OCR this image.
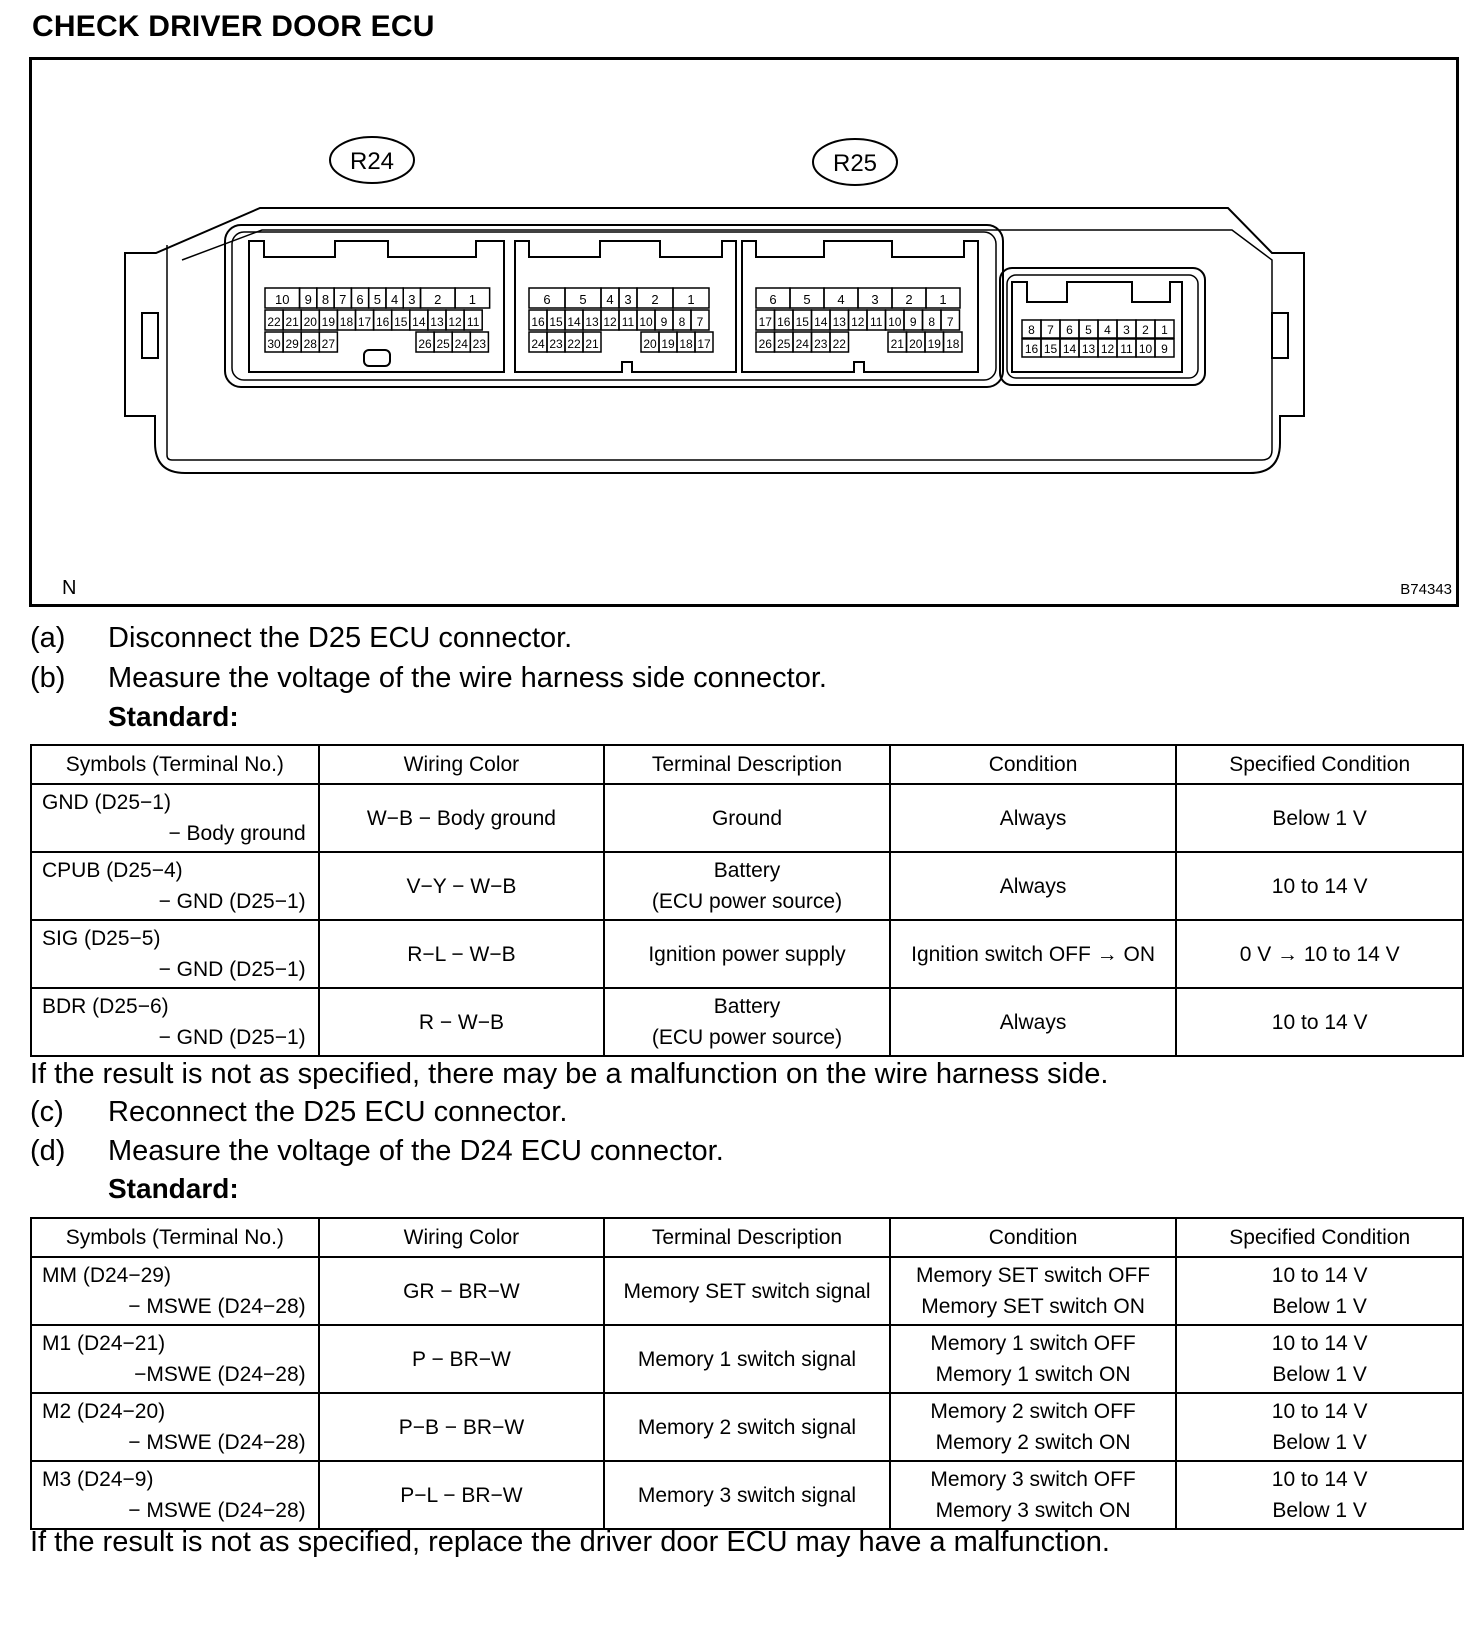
CHECK DRIVER DOOR ECU
10 9 8 7 6 5 4 3 2 1
22 21 20 19 18 17 16 15 14 13 12 11
30 29 28 27	26 25 24 23
6 5 4 3 2 1
16 15 14 13 12 11 10 9 8 7
24 23 22 21	20 19 18 17
6 5 4 3 2 1
17 16 15 14 13 12 11 10 9 8 7
26 25 24 23 22	21 20 19 18
8 7 6 5 4 3 2 1
16 15 14 13 12 11 10 9
R24	R25
N	B74343
(a) Disconnect the D25 ECU connector.
(b) Measure the voltage of the wire harness side connector.
Standard:
Symbols (Terminal No.)	Wiring Color	Terminal Description	Condition	Specified Condition

GND (D25−1)
− Body ground	W−B − Body ground	Ground	Always	Below 1 V

CPUB (D25−4)
− GND (D25−1)	V−Y − W−B	Battery
(ECU power source)	Always	10 to 14 V

SIG (D25−5)
− GND (D25−1)	R−L − W−B	Ignition power supply	Ignition switch OFF → ON	0 V → 10 to 14 V

BDR (D25−6)
− GND (D25−1)	R − W−B	Battery
(ECU power source)	Always	10 to 14 V
If the result is not as specified, there may be a malfunction on the wire harness side.
(c) Reconnect the D25 ECU connector.
(d) Measure the voltage of the D24 ECU connector.
Standard:
Symbols (Terminal No.)	Wiring Color	Terminal Description	Condition	Specified Condition

MM (D24−29)
− MSWE (D24−28)	GR − BR−W	Memory SET switch signal	Memory SET switch OFF
Memory SET switch ON	10 to 14 V
Below 1 V

M1 (D24−21)
−MSWE (D24−28)	P − BR−W	Memory 1 switch signal	Memory 1 switch OFF
Memory 1 switch ON	10 to 14 V
Below 1 V

M2 (D24−20)
− MSWE (D24−28)	P−B − BR−W	Memory 2 switch signal	Memory 2 switch OFF
Memory 2 switch ON	10 to 14 V
Below 1 V

M3 (D24−9)
− MSWE (D24−28)	P−L − BR−W	Memory 3 switch signal	Memory 3 switch OFF
Memory 3 switch ON	10 to 14 V
Below 1 V
If the result is not as specified, replace the driver door ECU may have a malfunction.
